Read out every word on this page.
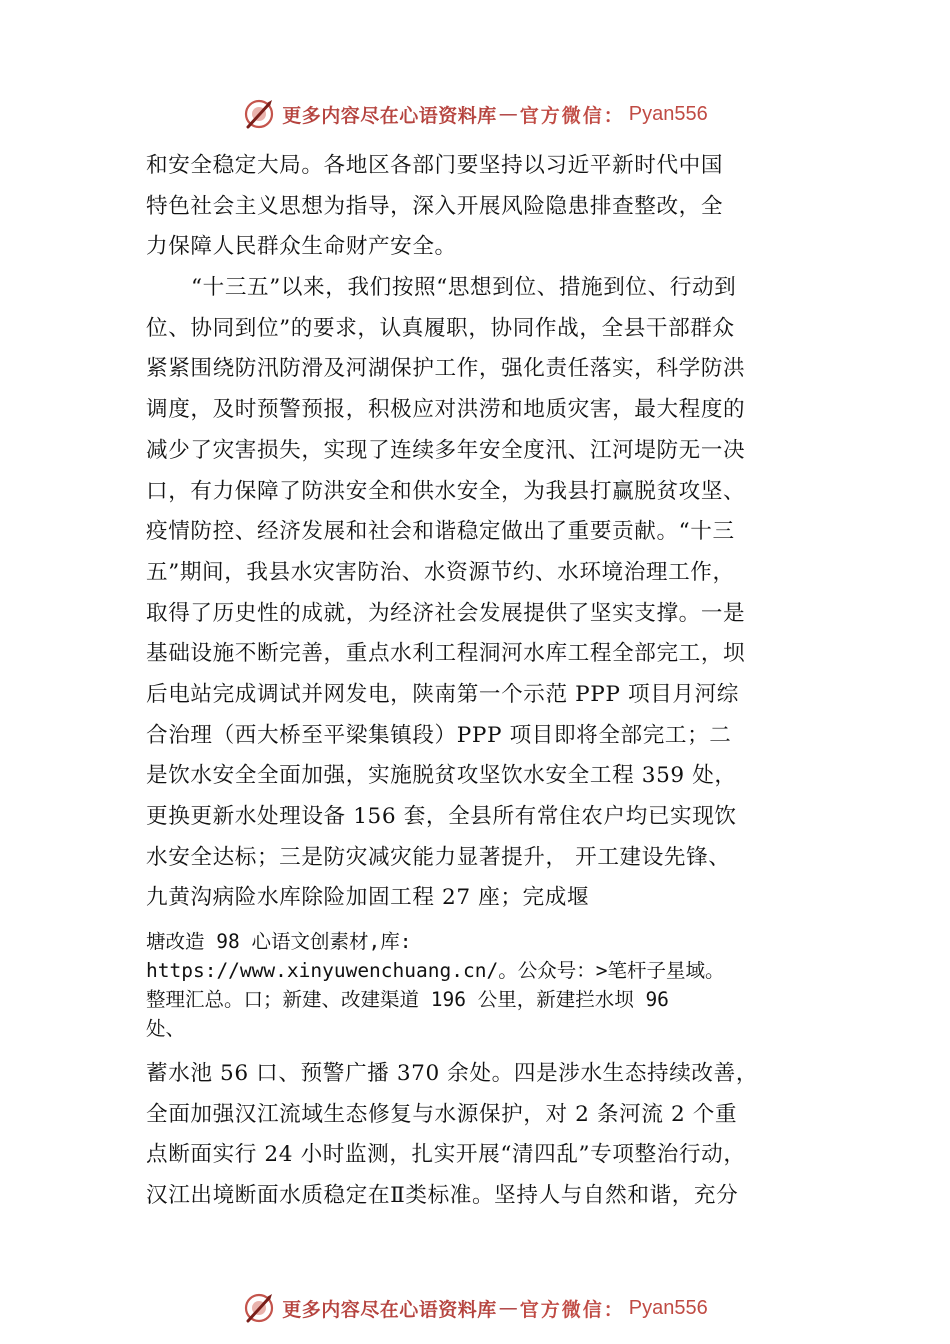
更多内容尽在心语资料库 — 官方微信： Pyan556
和安全稳定大局。各地区各部门要坚持以习近平新时代中国
特色社会主义思想为指导，深入开展风险隐患排查整改，全
力保障人民群众生命财产安全。
“十三五”以来，我们按照“思想到位、措施到位、行动到
位、协同到位”的要求，认真履职，协同作战，全县干部群众
紧紧围绕防汛防滑及河湖保护工作，强化责任落实，科学防洪
调度，及时预警预报，积极应对洪涝和地质灾害，最大程度的
减少了灾害损失，实现了连续多年安全度汛、江河堤防无一决
口，有力保障了防洪安全和供水安全，为我县打赢脱贫攻坚、
疫情防控、经济发展和社会和谐稳定做出了重要贡献。“十三
五”期间，我县水灾害防治、水资源节约、水环境治理工作，
取得了历史性的成就，为经济社会发展提供了坚实支撑。一是
基础设施不断完善，重点水利工程洞河水库工程全部完工，坝
后电站完成调试并网发电，陕南第一个示范 PPP 项目月河综
合治理（西大桥至平梁集镇段）PPP 项目即将全部完工；二
是饮水安全全面加强，实施脱贫攻坚饮水安全工程 359 处，
更换更新水处理设备 156 套，全县所有常住农户均已实现饮
水安全达标；三是防灾减灾能力显著提升， 开工建设先锋、
九黄沟病险水库除险加固工程 27 座；完成堰
塘改造 98 心语文创素材,库:
https://www.xinyuwenchuang.cn/。公众号：>笔杆子星域。
整理汇总。口；新建、改建渠道 196 公里，新建拦水坝 96
处、
蓄水池 56 口、预警广播 370 余处。四是涉水生态持续改善，
全面加强汉江流域生态修复与水源保护，对 2 条河流 2 个重
点断面实行 24 小时监测，扎实开展“清四乱”专项整治行动，
汉江出境断面水质稳定在Ⅱ类标准。坚持人与自然和谐，充分
更多内容尽在心语资料库 — 官方微信： Pyan556
